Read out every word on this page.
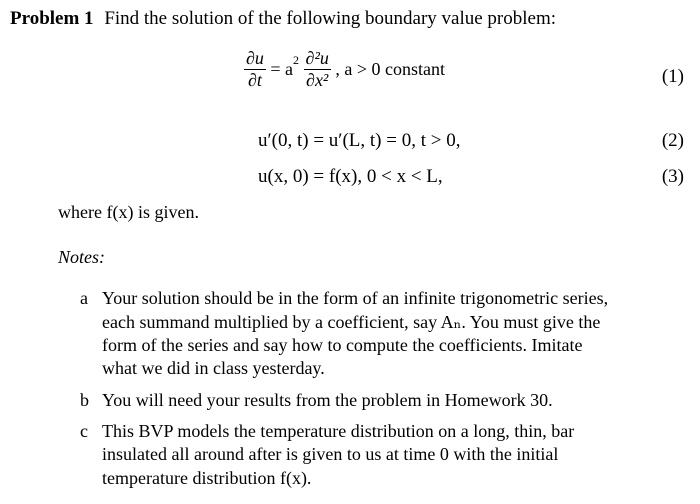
Problem 1 Find the solution of the following boundary value problem:
$\frac{\partial u}{\partial t} = a^2 \frac{\text{∂²u}}{\text{∂x²}}$ , a > 0 constant	(1)
u′(0, t) = u′(L, t) = 0, t > 0,	(2)
u(x, 0) = f(x), 0 < x < L,	(3)
where f(x) is given.
Notes:
a Your solution should be in the form of an infinite trigonometric series,
each summand multiplied by a coefficient, say Aₙ. You must give the
form of the series and say how to compute the coefficients. Imitate
what we did in class yesterday.
b You will need your results from the problem in Homework 30.
c This BVP models the temperature distribution on a long, thin, bar
insulated all around after is given to us at time 0 with the initial
temperature distribution f(x).
